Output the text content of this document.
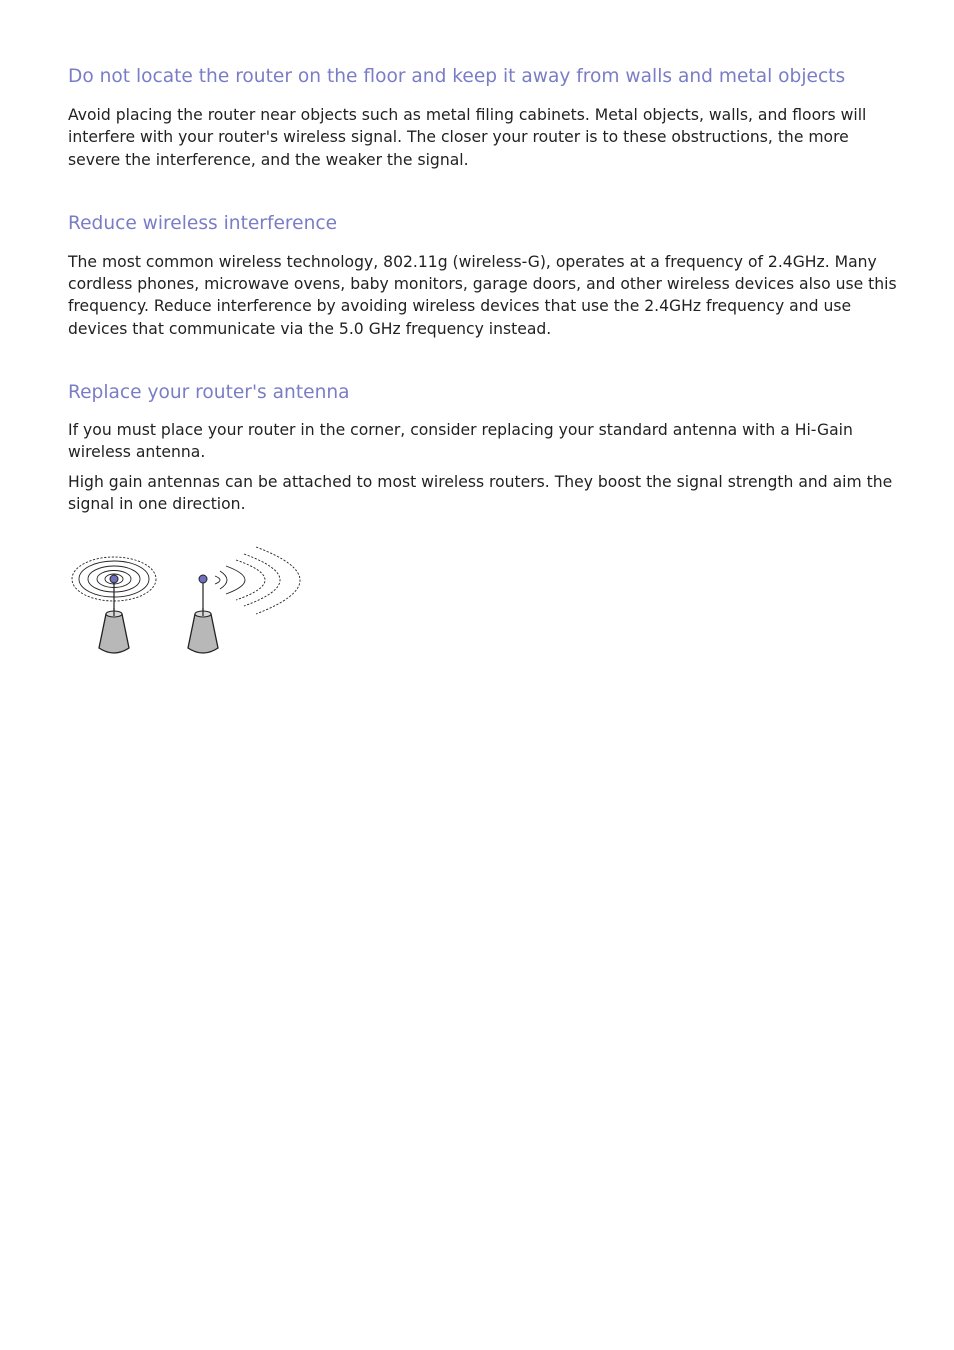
Do not locate the router on the floor and keep it away from walls and metal objects

Avoid placing the router near objects such as metal filing cabinets. Metal objects, walls, and floors will interfere with your router's wireless signal. The closer your router is to these obstructions, the more severe the interference, and the weaker the signal.

Reduce wireless interference

The most common wireless technology, 802.11g (wireless-G), operates at a frequency of 2.4GHz. Many cordless phones, microwave ovens, baby monitors, garage doors, and other wireless devices also use this frequency. Reduce interference by avoiding wireless devices that use the 2.4GHz frequency and use devices that communicate via the 5.0 GHz frequency instead.

Replace your router's antenna

If you must place your router in the corner, consider replacing your standard antenna with a Hi-Gain wireless antenna.

High gain antennas can be attached to most wireless routers. They boost the signal strength and aim the signal in one direction.
